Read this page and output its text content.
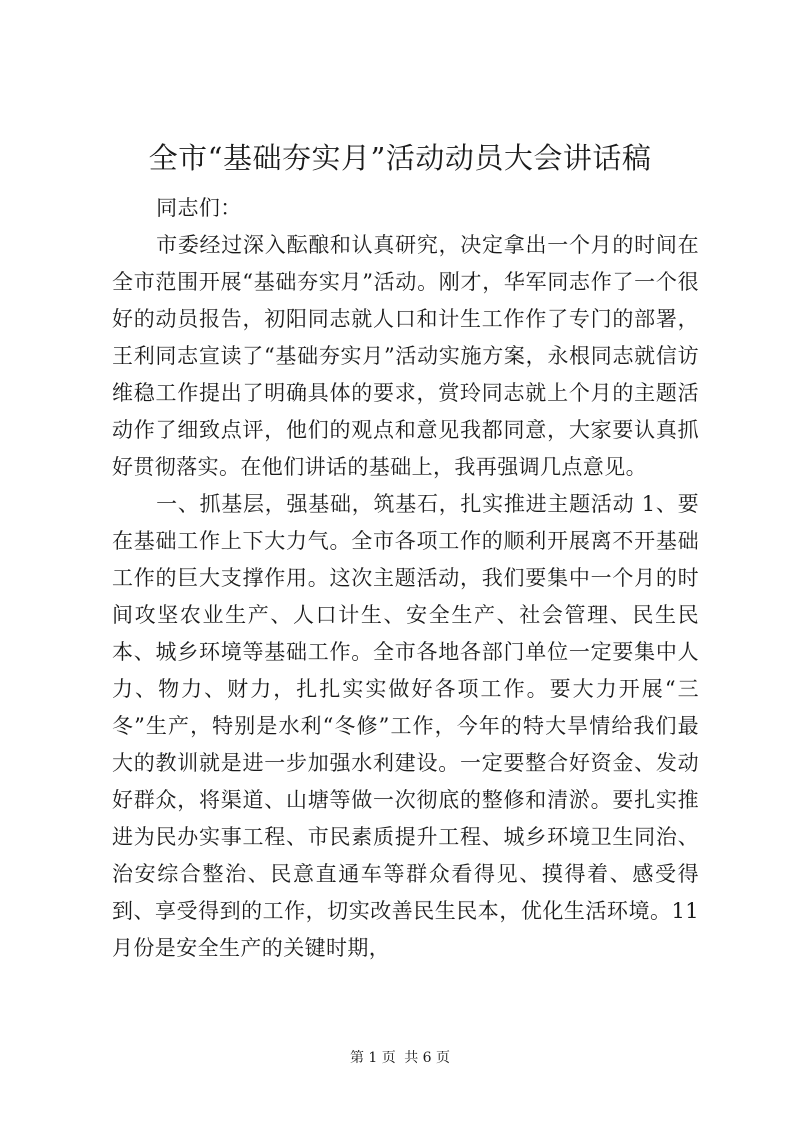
全市“基础夯实月”活动动员大会讲话稿

同志们：

市委经过深入酝酿和认真研究，决定拿出一个月的时间在全市范围开展“基础夯实月”活动。刚才，华军同志作了一个很好的动员报告，初阳同志就人口和计生工作作了专门的部署，王利同志宣读了“基础夯实月”活动实施方案，永根同志就信访维稳工作提出了明确具体的要求，赏玲同志就上个月的主题活动作了细致点评，他们的观点和意见我都同意，大家要认真抓好贯彻落实。在他们讲话的基础上，我再强调几点意见。

一、抓基层，强基础，筑基石，扎实推进主题活动 1、要在基础工作上下大力气。全市各项工作的顺利开展离不开基础工作的巨大支撑作用。这次主题活动，我们要集中一个月的时间攻坚农业生产、人口计生、安全生产、社会管理、民生民本、城乡环境等基础工作。全市各地各部门单位一定要集中人力、物力、财力，扎扎实实做好各项工作。要大力开展“三冬”生产，特别是水利“冬修”工作，今年的特大旱情给我们最大的教训就是进一步加强水利建设。一定要整合好资金、发动好群众，将渠道、山塘等做一次彻底的整修和清淤。要扎实推进为民办实事工程、市民素质提升工程、城乡环境卫生同治、治安综合整治、民意直通车等群众看得见、摸得着、感受得到、享受得到的工作，切实改善民生民本，优化生活环境。11 月份是安全生产的关键时期，

第 1 页 共 6 页
